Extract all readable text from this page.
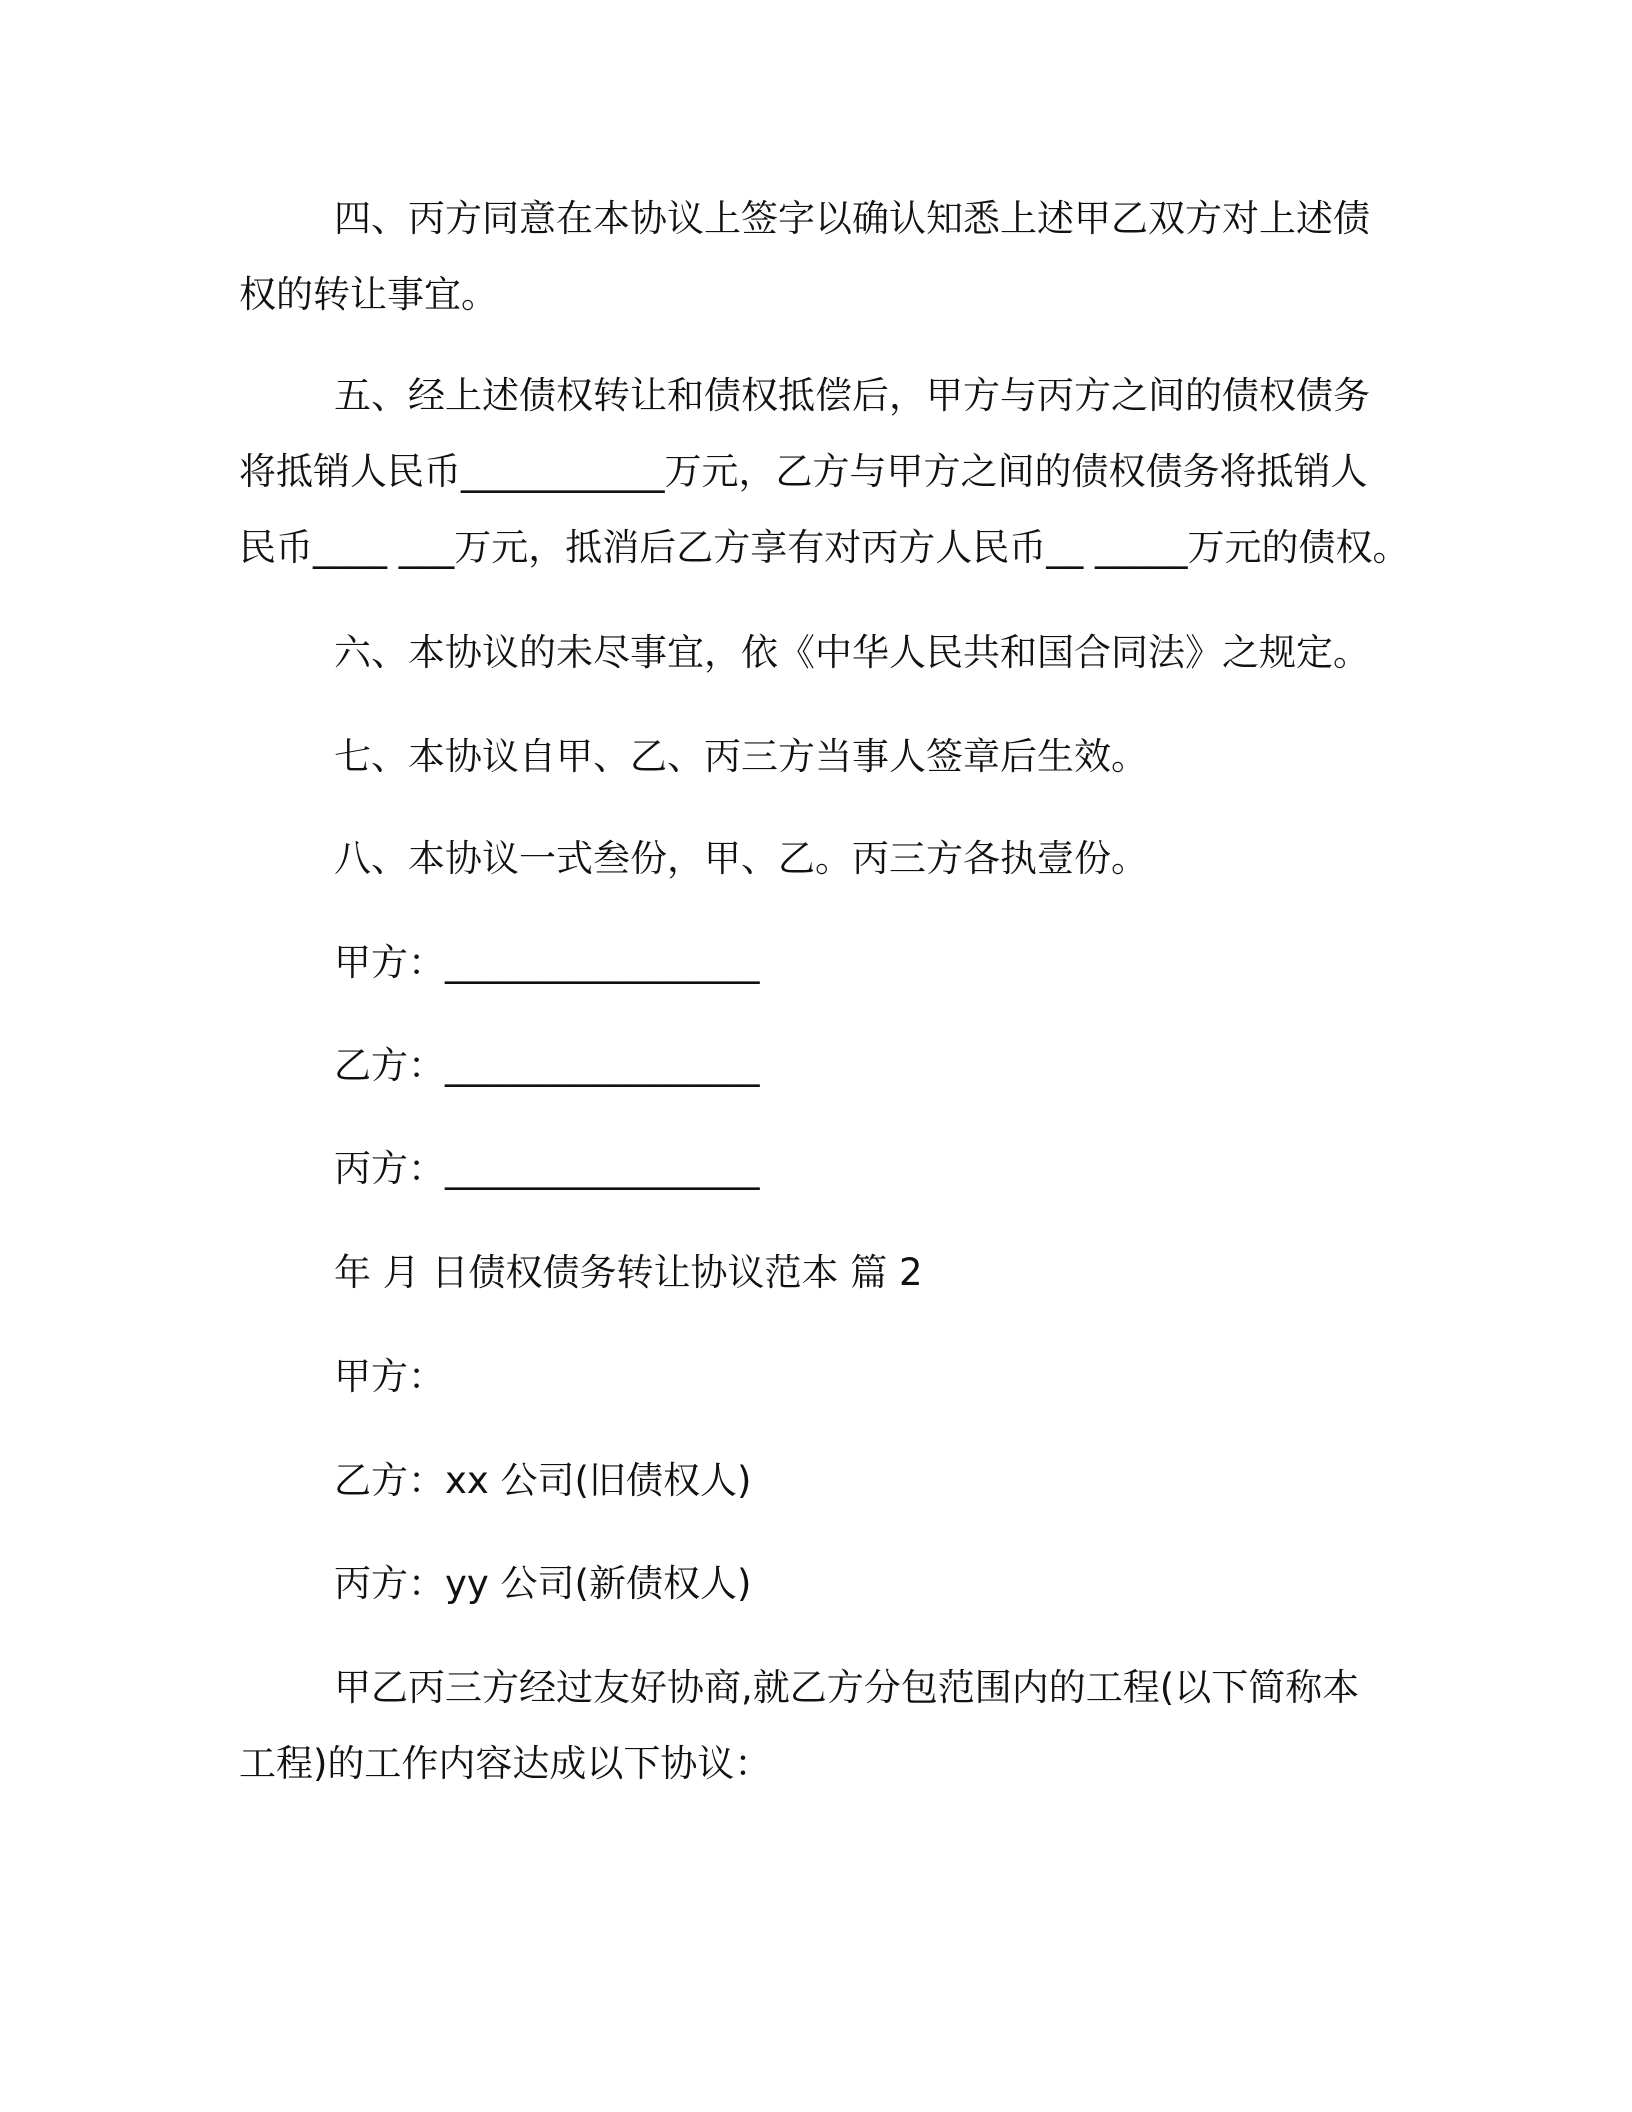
四、丙方同意在本协议上签字以确认知悉上述甲乙双方对上述债
权的转让事宜。
五、经上述债权转让和债权抵偿后，甲方与丙方之间的债权债务
将抵销人民币___________万元，乙方与甲方之间的债权债务将抵销人
民币____ ___万元，抵消后乙方享有对丙方人民币__ _____万元的债权。
六、本协议的未尽事宜，依《中华人民共和国合同法》之规定。
七、本协议自甲、乙、丙三方当事人签章后生效。
八、本协议一式叁份，甲、乙。丙三方各执壹份。
甲方：_________________
乙方：_________________
丙方：_________________
年 月 日债权债务转让协议范本 篇 2
甲方：
乙方：xx 公司(旧债权人)
丙方：yy 公司(新债权人)
甲乙丙三方经过友好协商,就乙方分包范围内的工程(以下简称本
工程)的工作内容达成以下协议：
